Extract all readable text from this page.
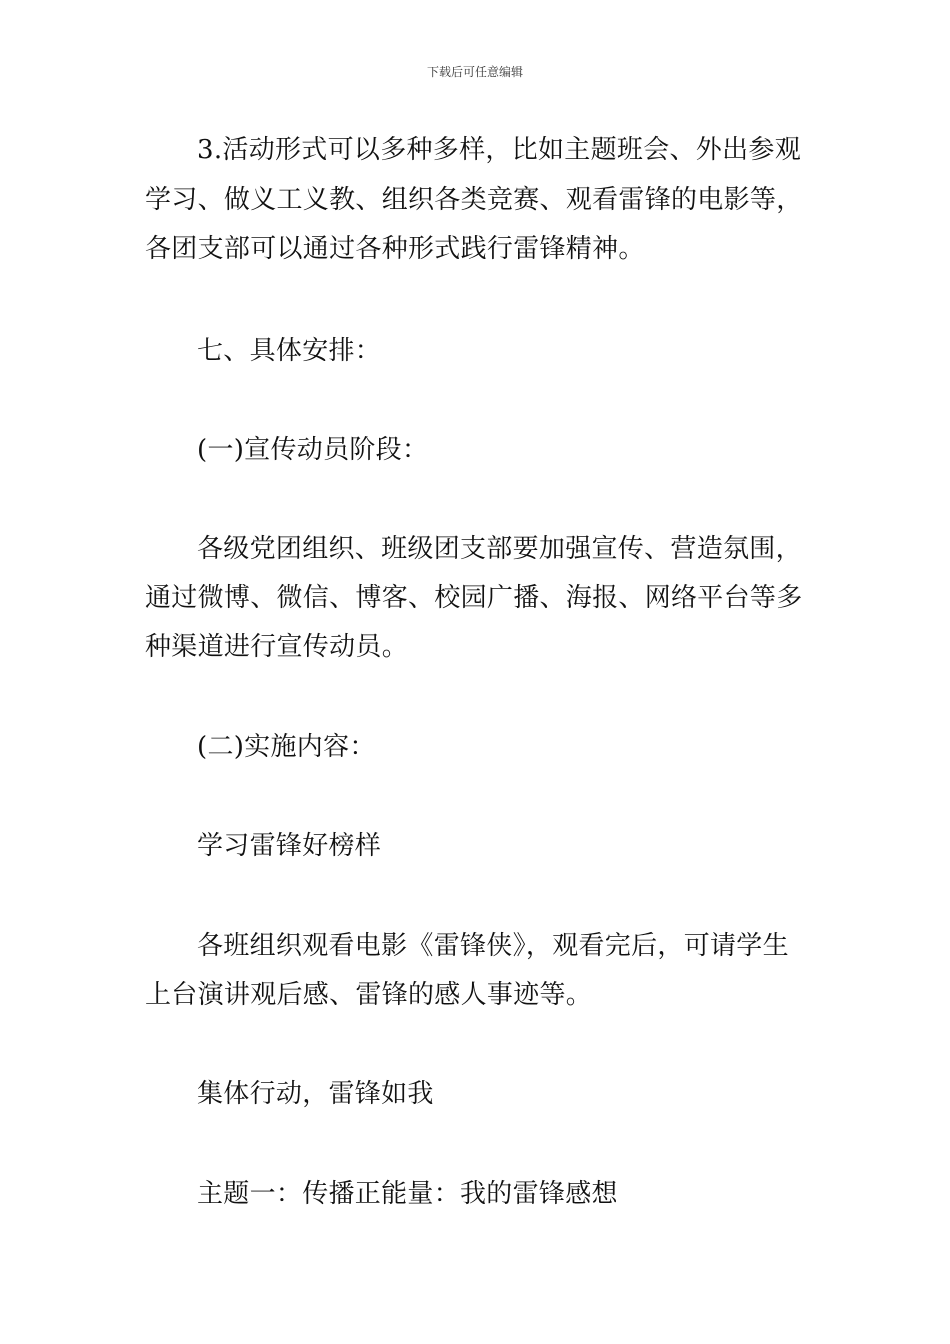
下载后可任意编辑
3.活动形式可以多种多样，比如主题班会、外出参观
学习、做义工义教、组织各类竞赛、观看雷锋的电影等，
各团支部可以通过各种形式践行雷锋精神。
七、具体安排：
(一)宣传动员阶段：
各级党团组织、班级团支部要加强宣传、营造氛围，
通过微博、微信、博客、校园广播、海报、网络平台等多
种渠道进行宣传动员。
(二)实施内容：
学习雷锋好榜样
各班组织观看电影《雷锋侠》，观看完后，可请学生
上台演讲观后感、雷锋的感人事迹等。
集体行动，雷锋如我
主题一：传播正能量：我的雷锋感想
